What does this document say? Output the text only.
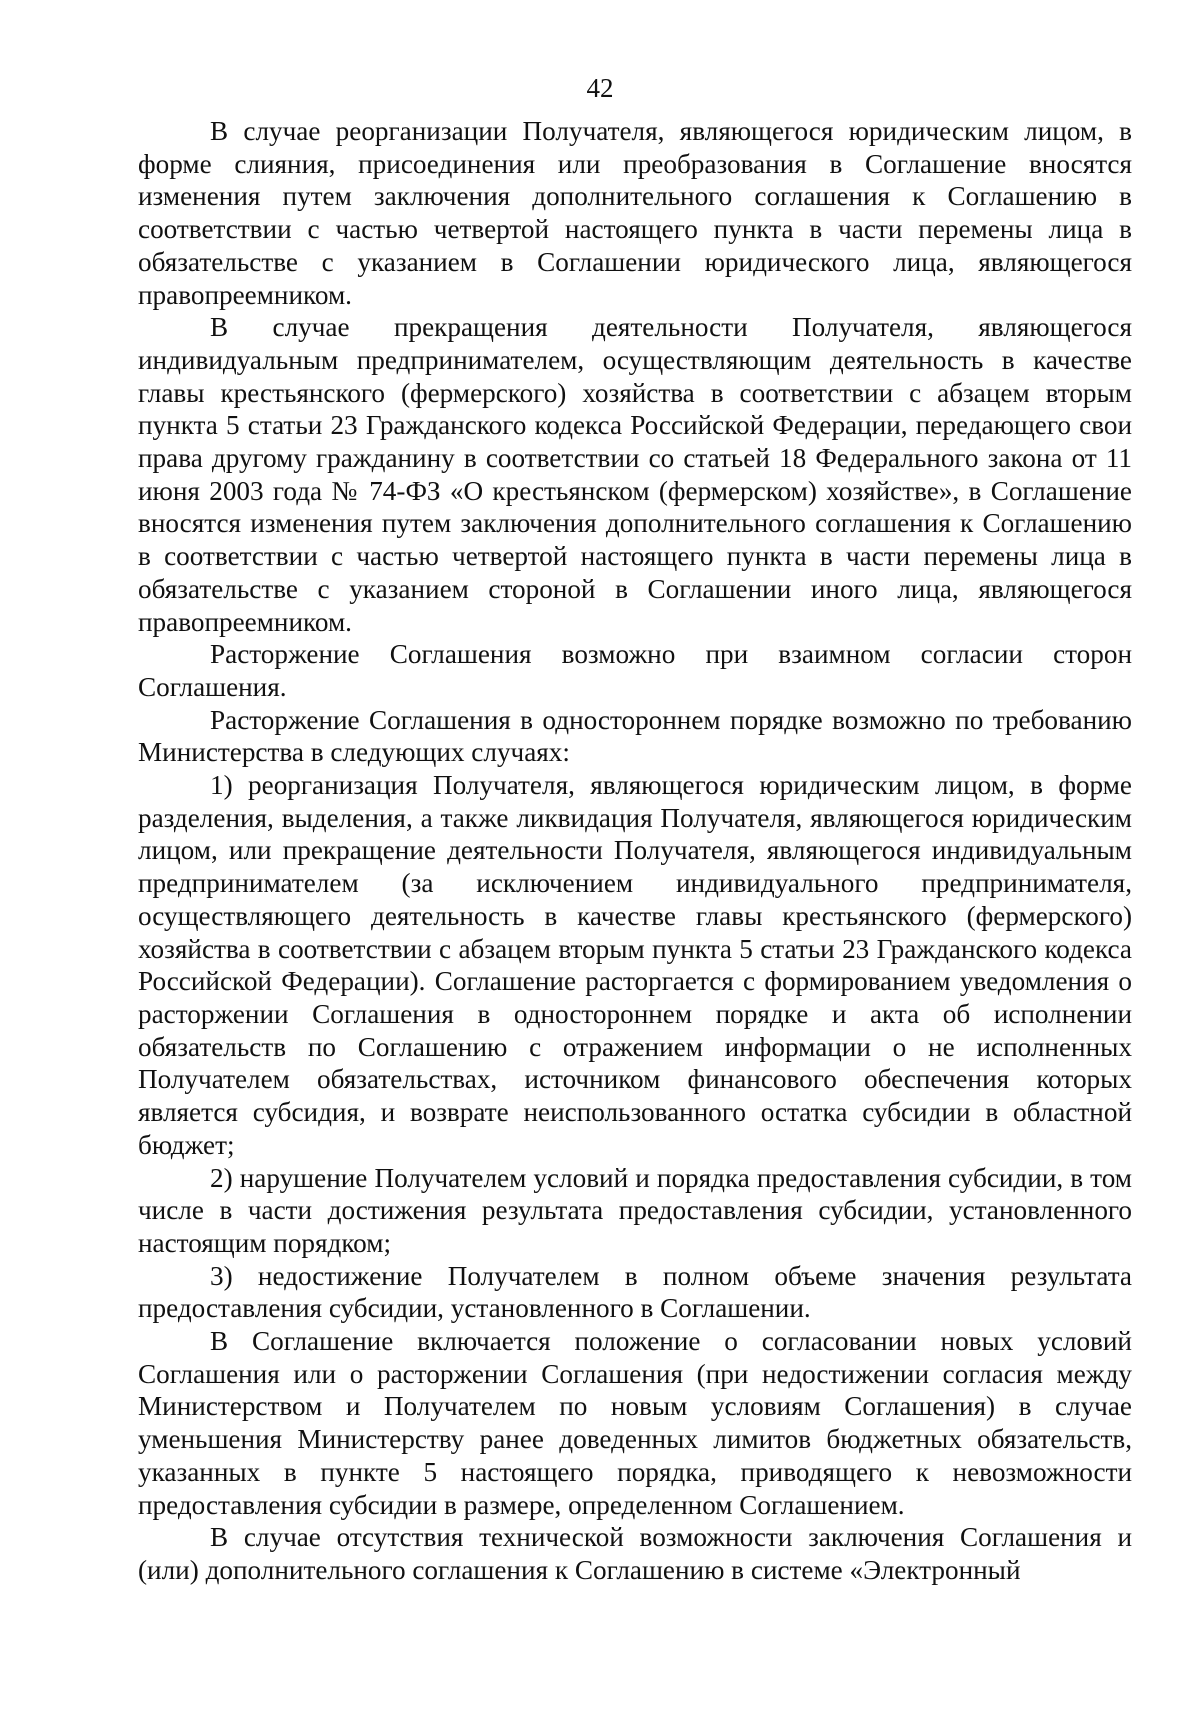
42

В случае реорганизации Получателя, являющегося юридическим лицом, в форме слияния, присоединения или преобразования в Соглашение вносятся изменения путем заключения дополнительного соглашения к Соглашению в соответствии с частью четвертой настоящего пункта в части перемены лица в обязательстве с указанием в Соглашении юридического лица, являющегося правопреемником.

В случае прекращения деятельности Получателя, являющегося индивидуальным предпринимателем, осуществляющим деятельность в качестве главы крестьянского (фермерского) хозяйства в соответствии с абзацем вторым пункта 5 статьи 23 Гражданского кодекса Российской Федерации, передающего свои права другому гражданину в соответствии со статьей 18 Федерального закона от 11 июня 2003 года № 74-ФЗ «О крестьянском (фермерском) хозяйстве», в Соглашение вносятся изменения путем заключения дополнительного соглашения к Соглашению в соответствии с частью четвертой настоящего пункта в части перемены лица в обязательстве с указанием стороной в Соглашении иного лица, являющегося правопреемником.

Расторжение Соглашения возможно при взаимном согласии сторон Соглашения.

Расторжение Соглашения в одностороннем порядке возможно по требованию Министерства в следующих случаях:

1) реорганизация Получателя, являющегося юридическим лицом, в форме разделения, выделения, а также ликвидация Получателя, являющегося юридическим лицом, или прекращение деятельности Получателя, являющегося индивидуальным предпринимателем (за исключением индивидуального предпринимателя, осуществляющего деятельность в качестве главы крестьянского (фермерского) хозяйства в соответствии с абзацем вторым пункта 5 статьи 23 Гражданского кодекса Российской Федерации). Соглашение расторгается с формированием уведомления о расторжении Соглашения в одностороннем порядке и акта об исполнении обязательств по Соглашению с отражением информации о не исполненных Получателем обязательствах, источником финансового обеспечения которых является субсидия, и возврате неиспользованного остатка субсидии в областной бюджет;

2) нарушение Получателем условий и порядка предоставления субсидии, в том числе в части достижения результата предоставления субсидии, установленного настоящим порядком;

3) недостижение Получателем в полном объеме значения результата предоставления субсидии, установленного в Соглашении.

В Соглашение включается положение о согласовании новых условий Соглашения или о расторжении Соглашения (при недостижении согласия между Министерством и Получателем по новым условиям Соглашения) в случае уменьшения Министерству ранее доведенных лимитов бюджетных обязательств, указанных в пункте 5 настоящего порядка, приводящего к невозможности предоставления субсидии в размере, определенном Соглашением.

В случае отсутствия технической возможности заключения Соглашения и (или) дополнительного соглашения к Соглашению в системе «Электронный
